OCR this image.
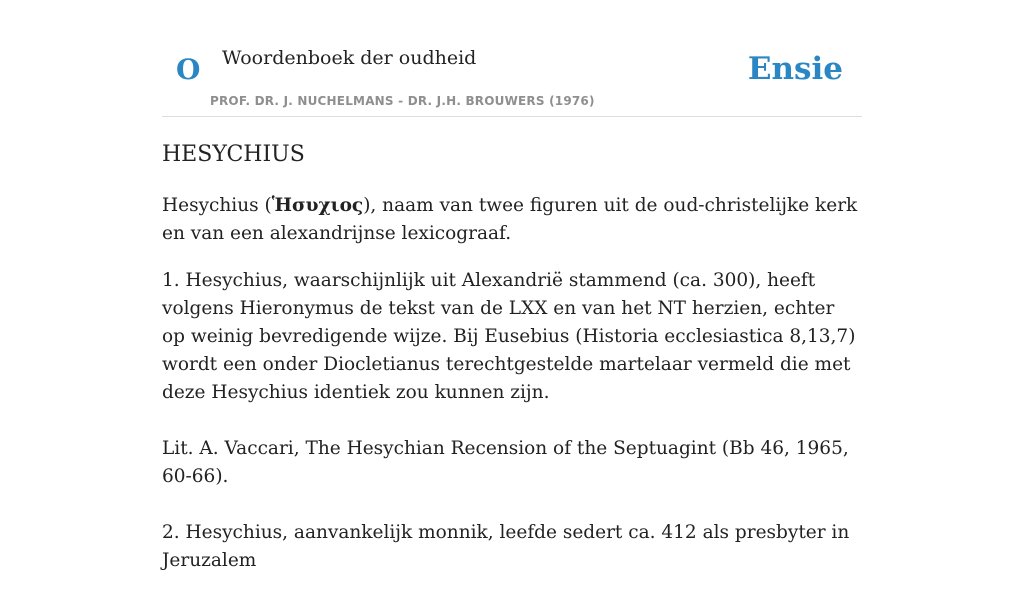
O Woordenboek der oudheid
PROF. DR. J. NUCHELMANS - DR. J.H. BROUWERS (1976)
Ensie
HESYCHIUS

Hesychius (Ἡσυχιος), naam van twee figuren uit de oud-christelijke kerk en van een alexandrijnse lexicograaf.

1. Hesychius, waarschijnlijk uit Alexandrië stammend (ca. 300), heeft volgens Hieronymus de tekst van de LXX en van het NT herzien, echter op weinig bevredigende wijze. Bij Eusebius (Historia ecclesiastica 8,13,7) wordt een onder Diocletianus terechtgestelde martelaar vermeld die met deze Hesychius identiek zou kunnen zijn.

Lit. A. Vaccari, The Hesychian Recension of the Septuagint (Bb 46, 1965, 60-66).

2. Hesychius, aanvankelijk monnik, leefde sedert ca. 412 als presbyter in Jeruzalem
